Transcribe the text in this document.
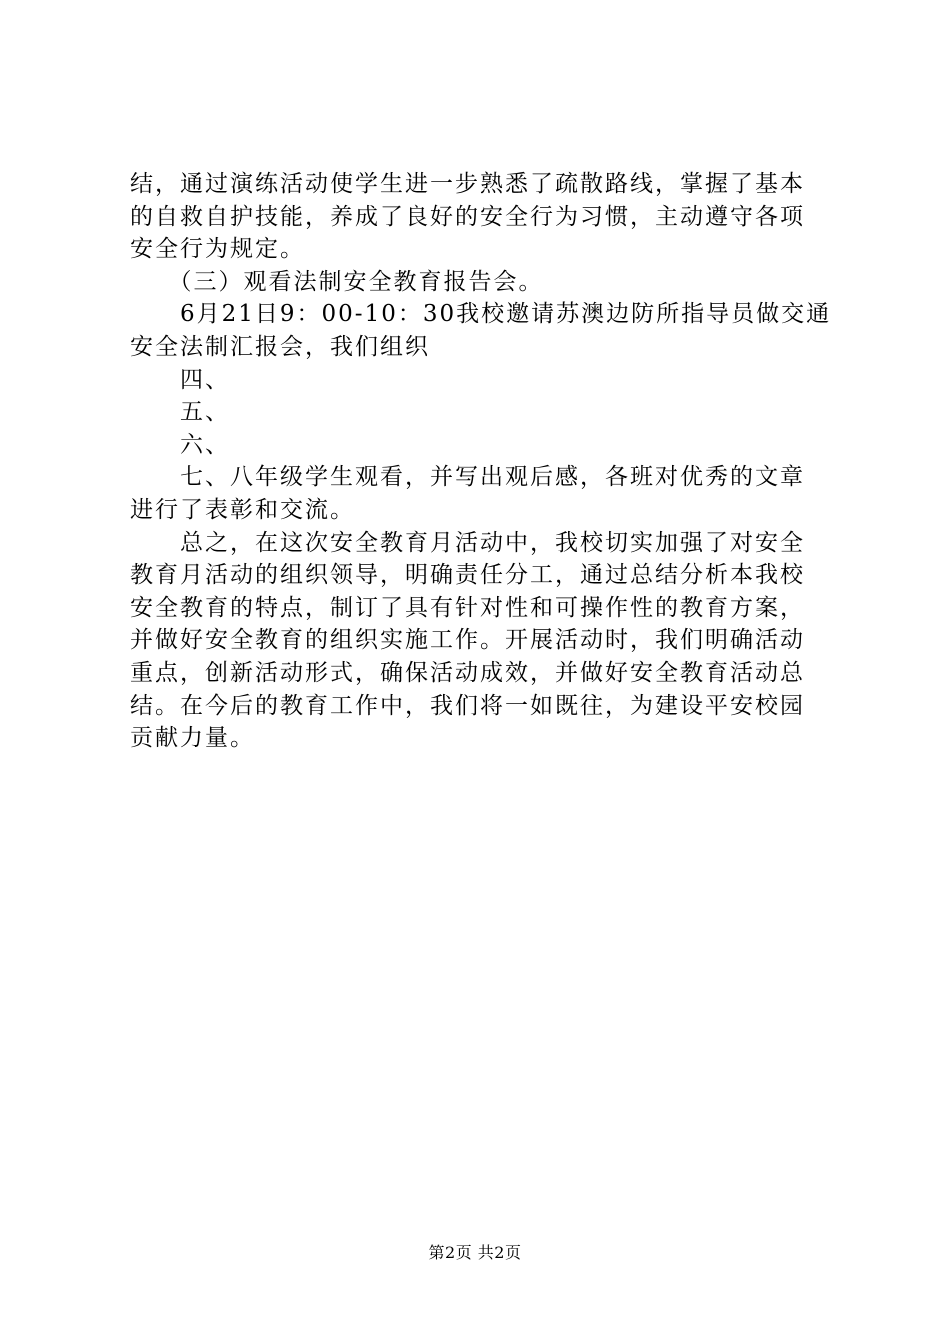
结，通过演练活动使学生进一步熟悉了疏散路线，掌握了基本
的自救自护技能，养成了良好的安全行为习惯，主动遵守各项
安全行为规定。
　　（三）观看法制安全教育报告会。
　　6月21日9：00-10：30我校邀请苏澳边防所指导员做交通
安全法制汇报会，我们组织
　　四、
　　五、
　　六、
　　七、八年级学生观看，并写出观后感，各班对优秀的文章
进行了表彰和交流。
　　总之，在这次安全教育月活动中，我校切实加强了对安全
教育月活动的组织领导，明确责任分工，通过总结分析本我校
安全教育的特点，制订了具有针对性和可操作性的教育方案，
并做好安全教育的组织实施工作。开展活动时，我们明确活动
重点，创新活动形式，确保活动成效，并做好安全教育活动总
结。在今后的教育工作中，我们将一如既往，为建设平安校园
贡献力量。
第2页 共2页
